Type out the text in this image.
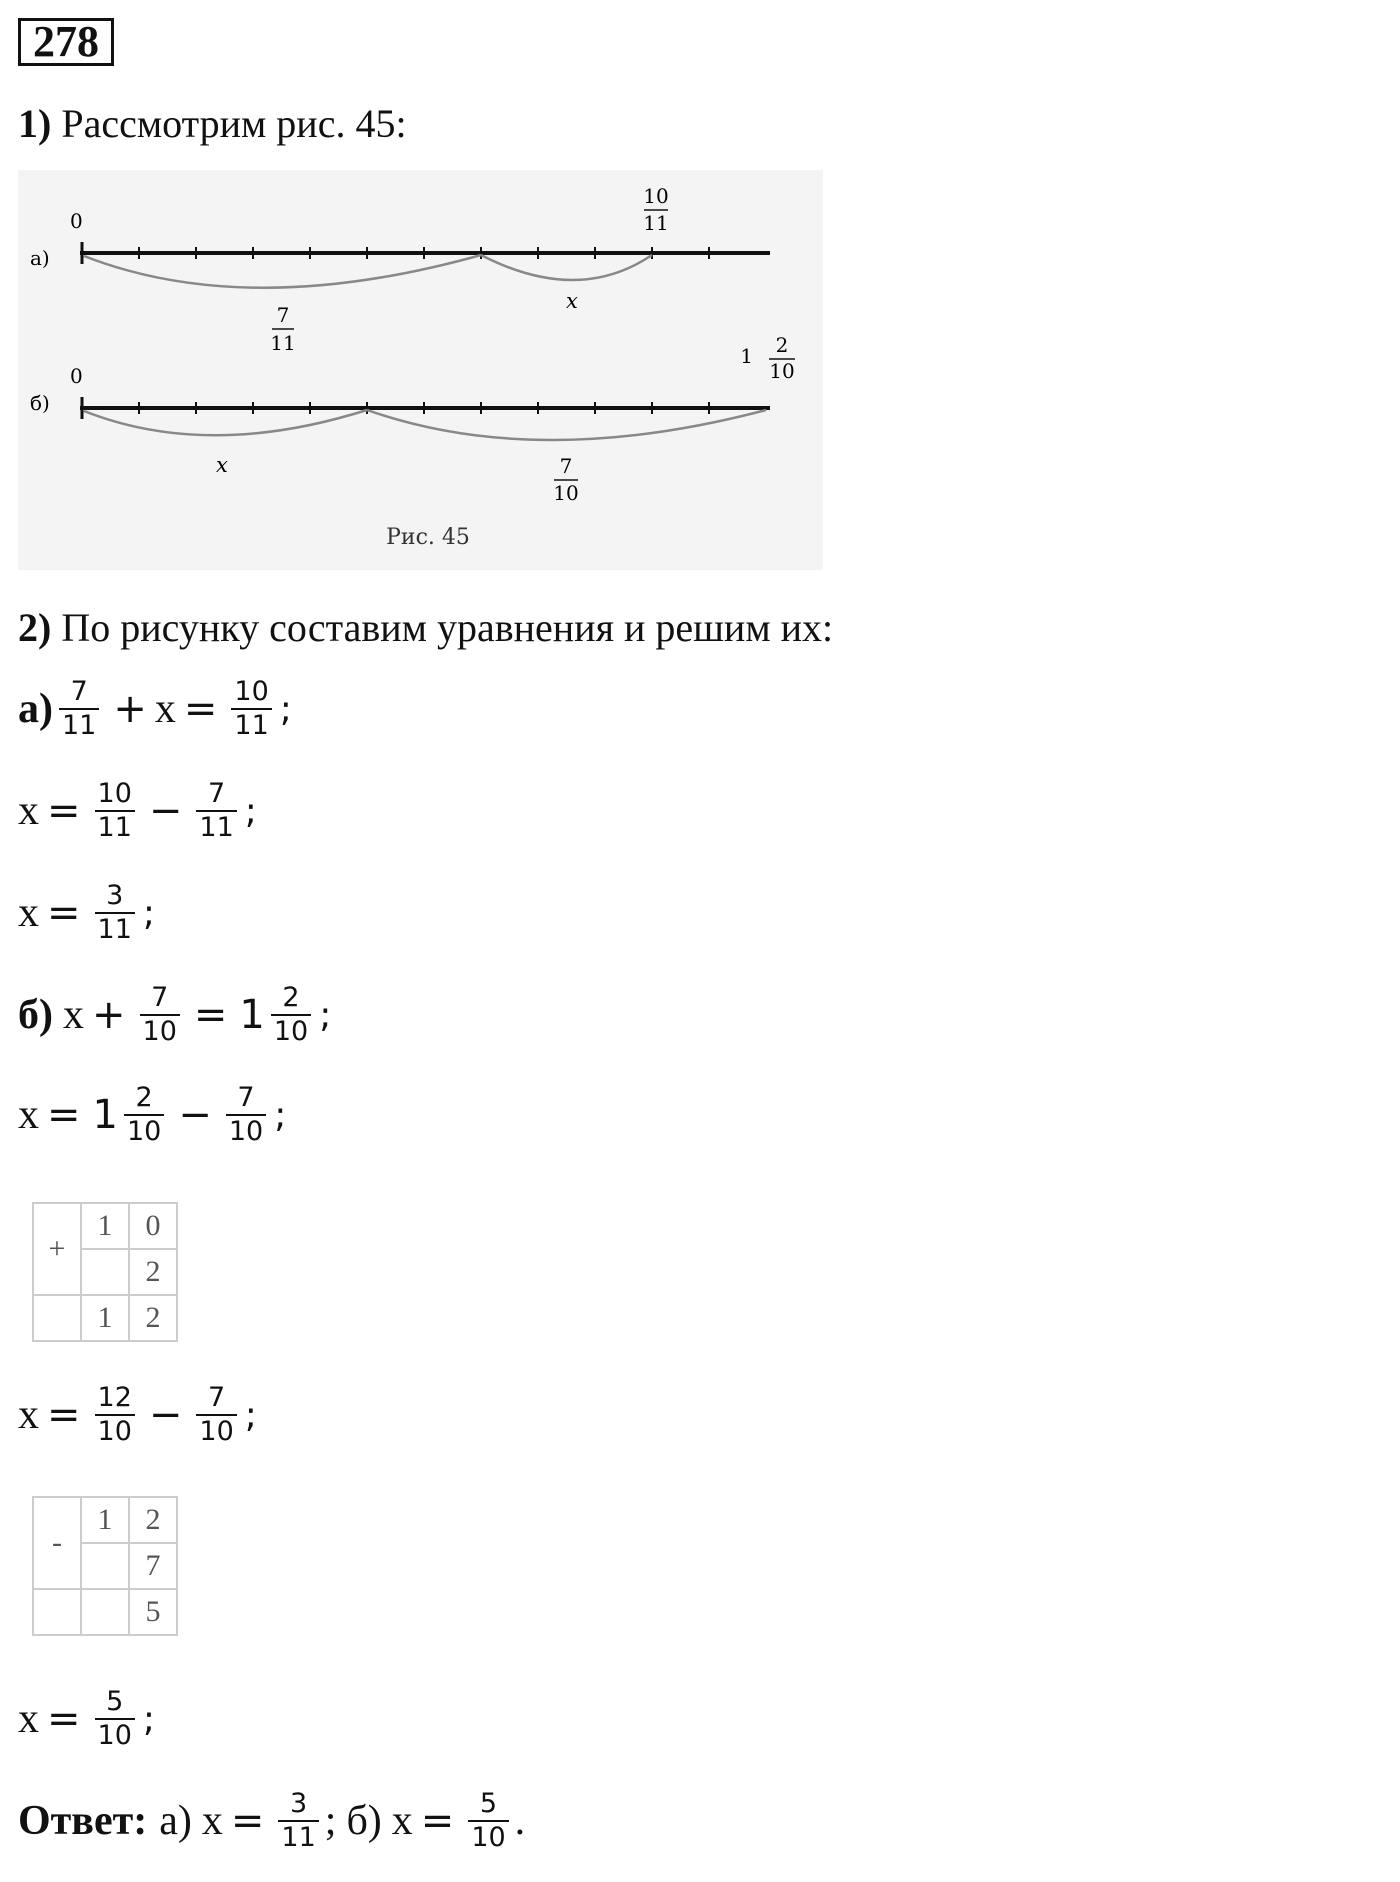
278
1) Рассмотрим рис. 45:
0
а)
10
11
7
11
x
0
б)
1 2
10
x	7
10
Рис. 45
2) По рисунку составим уравнения и решим их:
$а) \frac{7}{11} + x = \frac{10}{11}$ ;
$x = \frac{10}{11} - \frac{7}{11}$ ;
$x = \frac{3}{11}$ ;
б) $x + \frac{7}{10} = 1 \frac{2}{10}$ ;
$x = 1 \frac{2}{10} - \frac{7}{10}$ ;
+	1	0
		2
	1	2
$x = \frac{12}{10} - \frac{7}{10}$ ;
-	1	2
		7
		5
$x = \frac{5}{10}$ ;
Ответ: а) $x = \frac{3}{11}$ ; б) $x = \frac{5}{10}$ .
